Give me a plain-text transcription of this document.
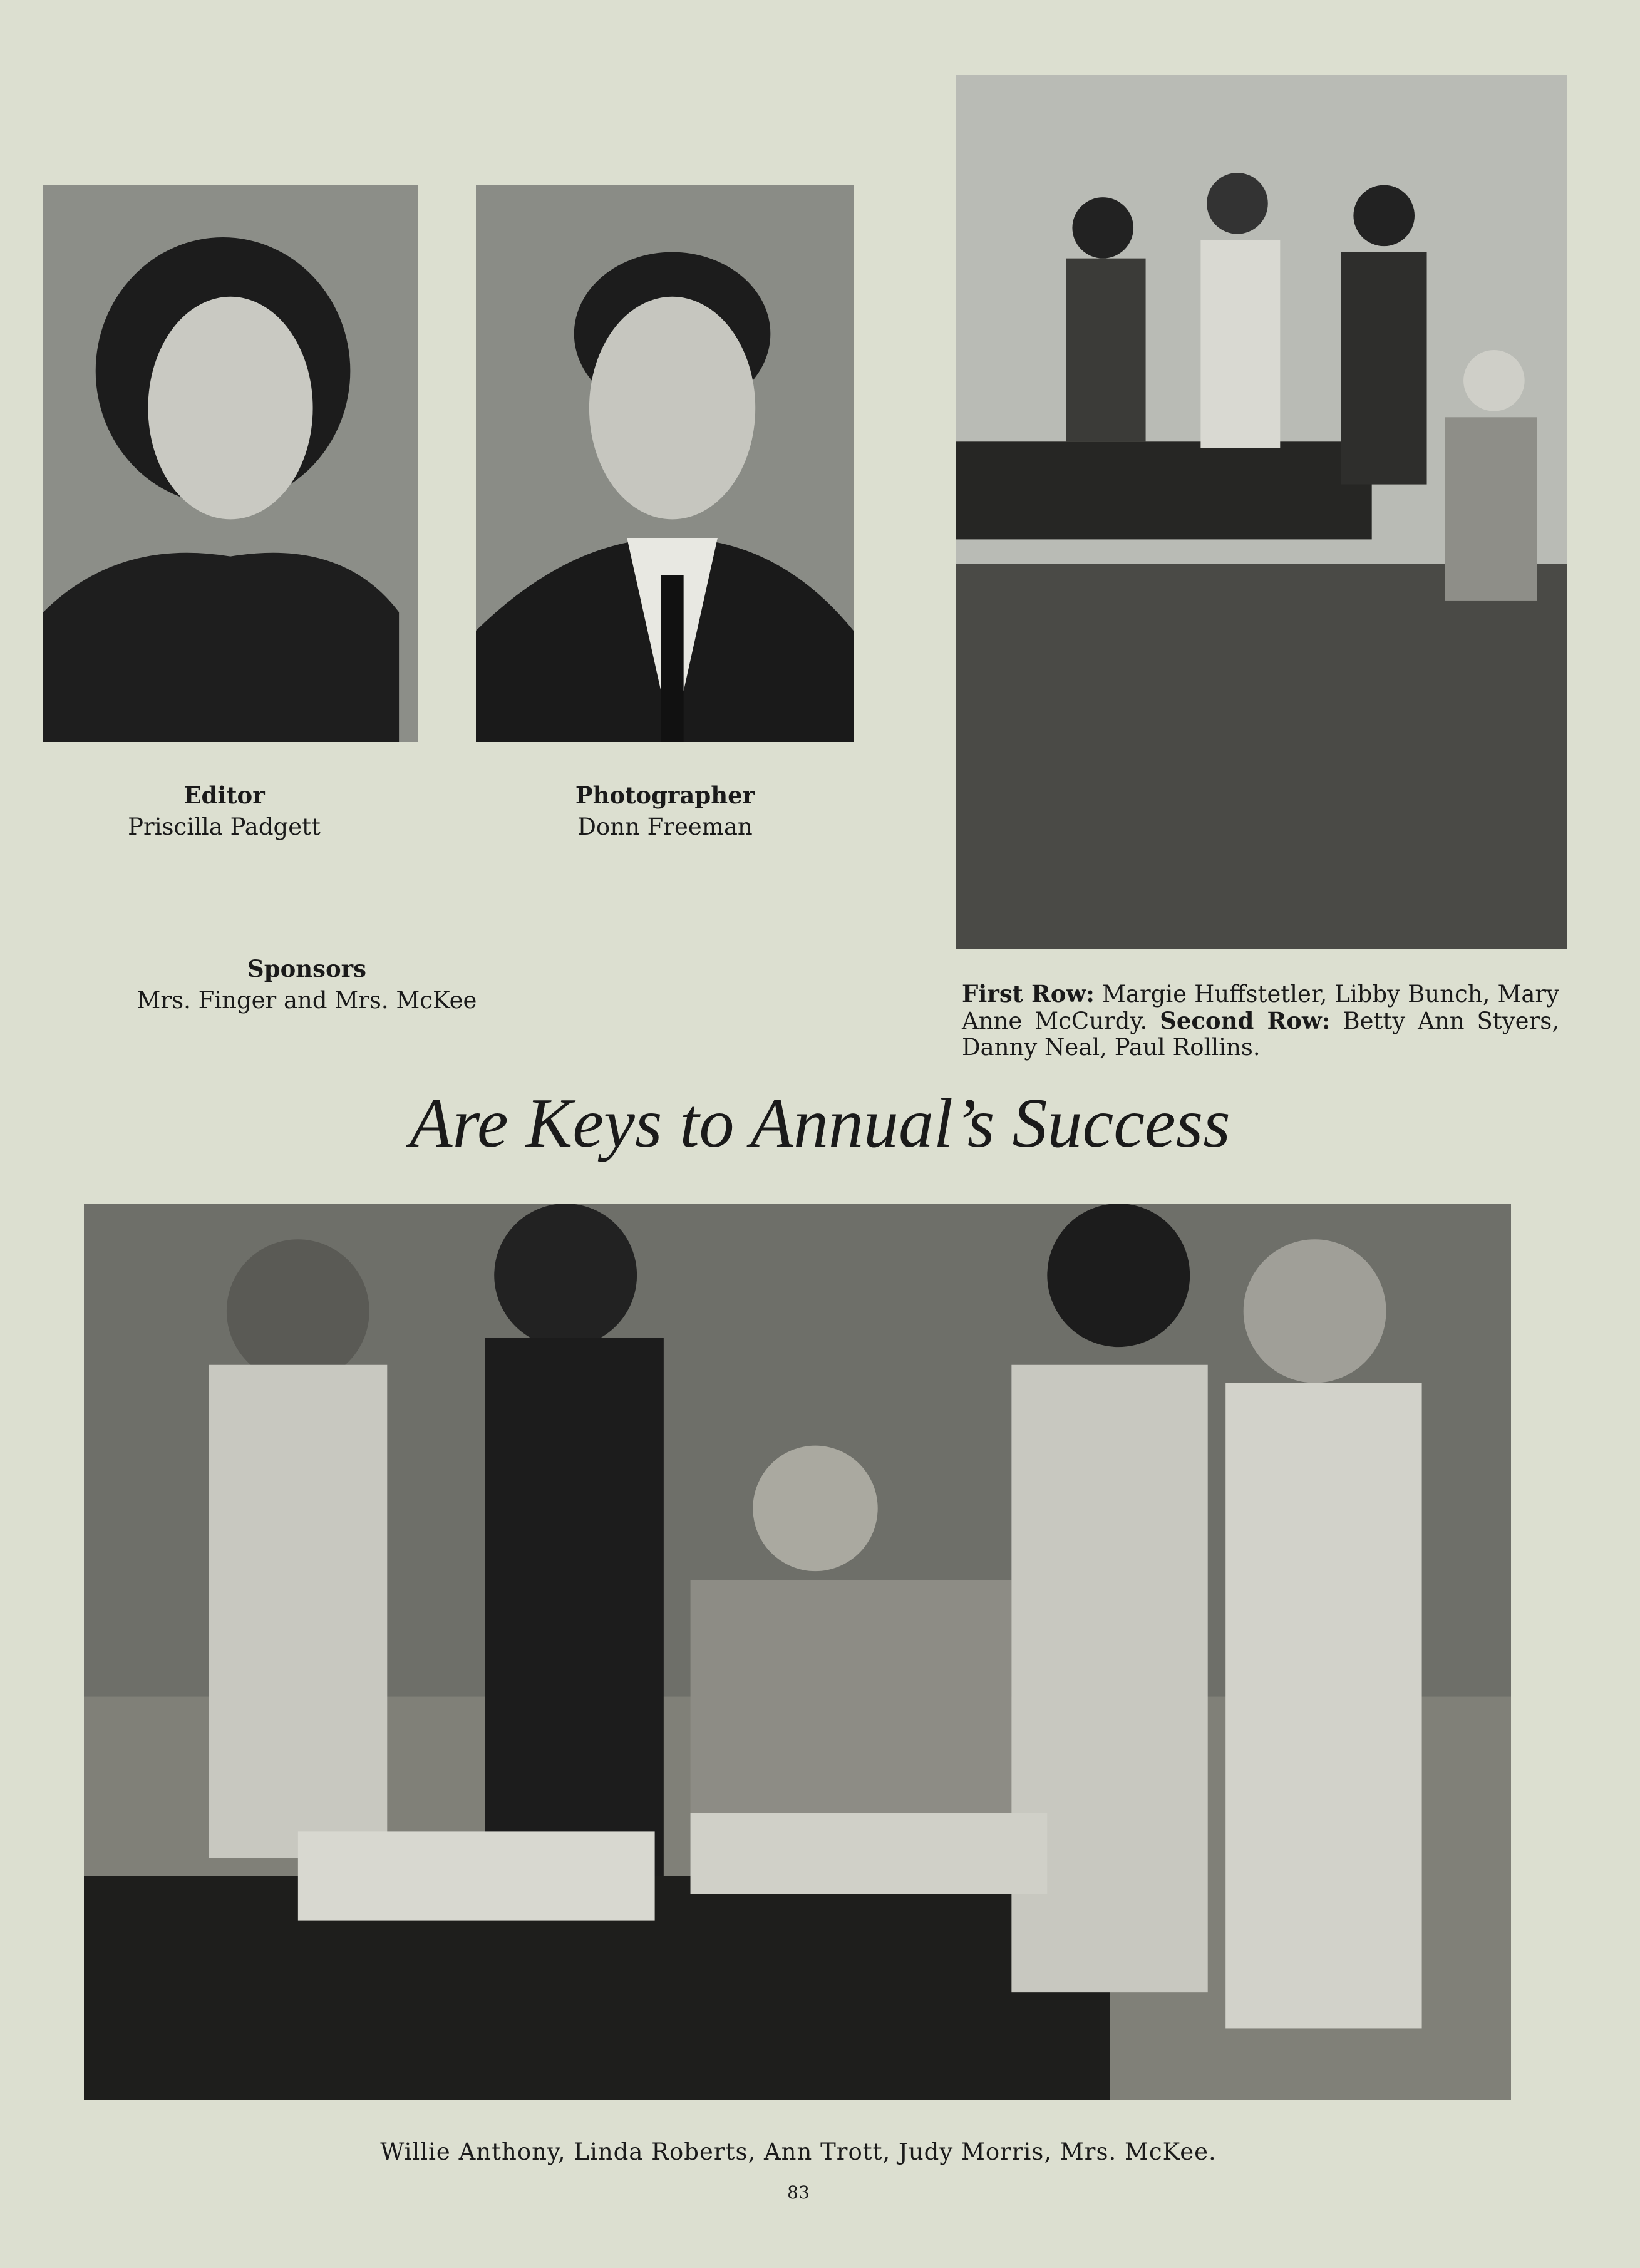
Editor
Priscilla Padgett
Photographer
Donn Freeman
Sponsors
Mrs. Finger and Mrs. McKee	First Row: Margie Huffstetler, Libby Bunch, Mary Anne McCurdy. Second Row: Betty Ann Styers, Danny Neal, Paul Rollins.
Are Keys to Annual’s Success
Willie Anthony, Linda Roberts, Ann Trott, Judy Morris, Mrs. McKee.
83
